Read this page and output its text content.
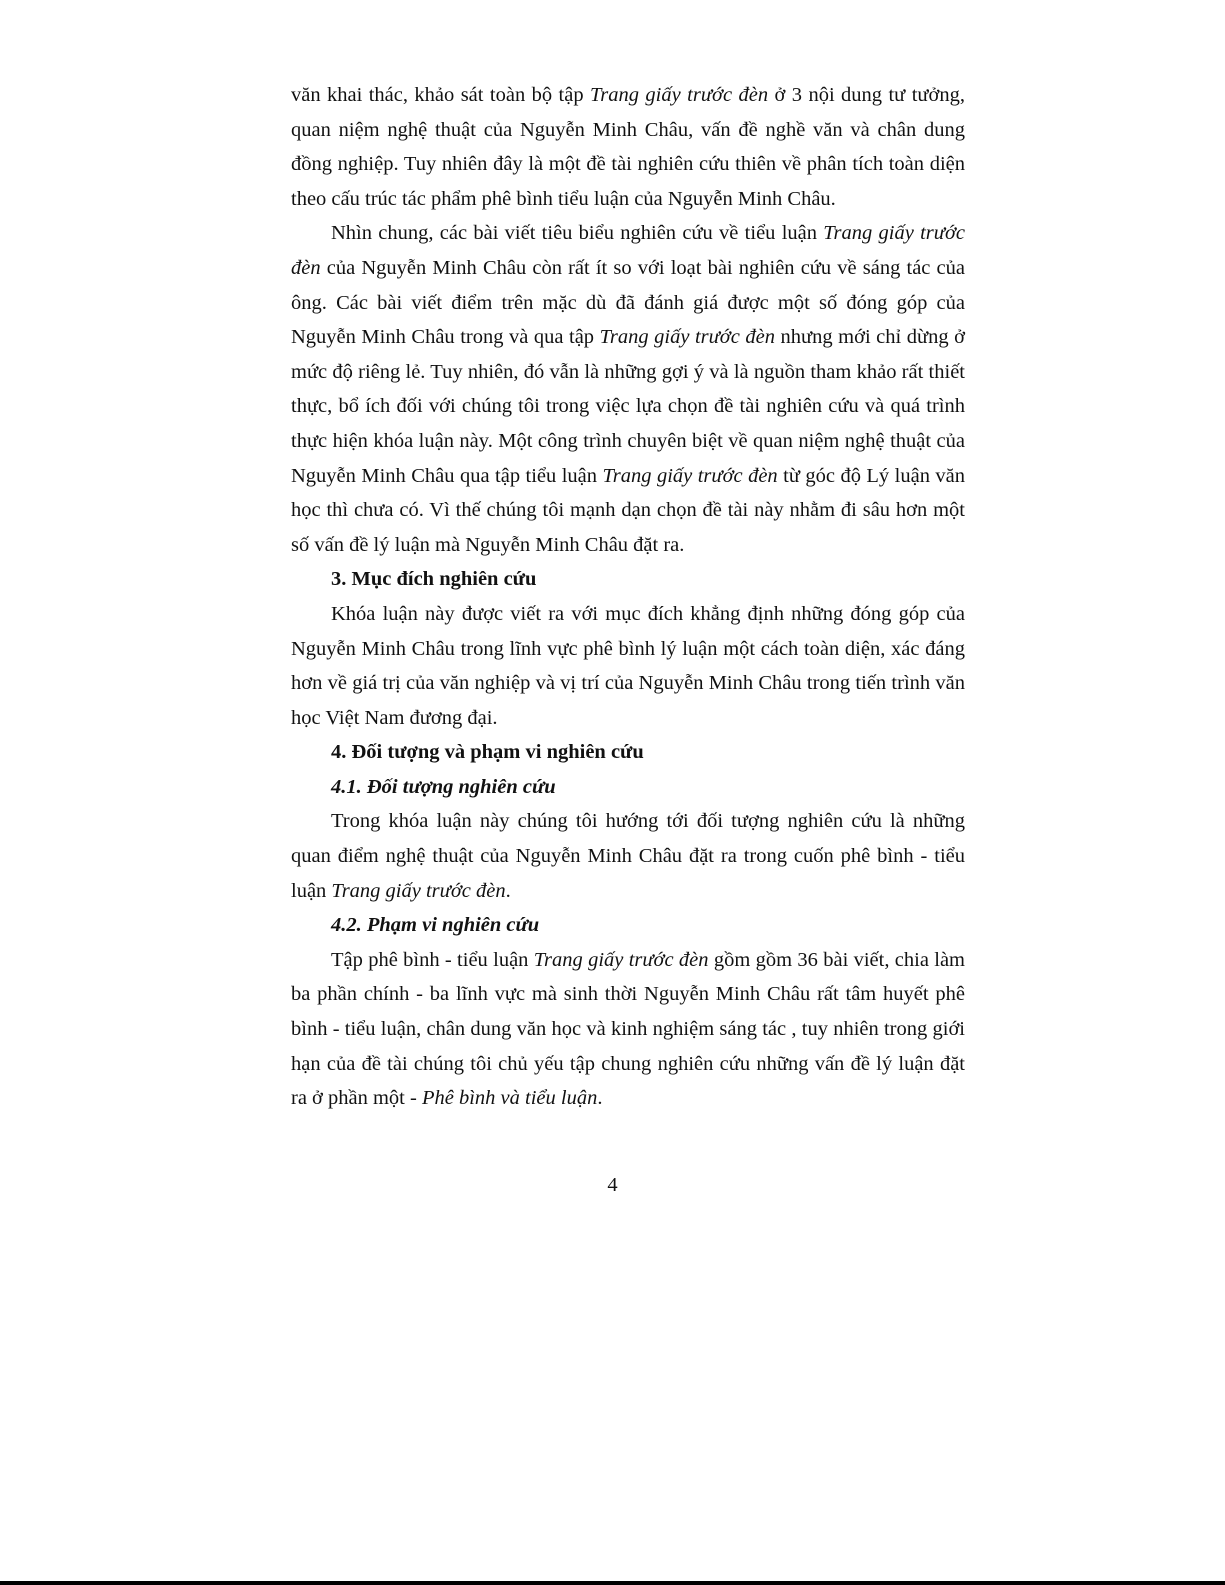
văn khai thác, khảo sát toàn bộ tập Trang giấy trước đèn ở 3 nội dung tư tưởng, quan niệm nghệ thuật của Nguyễn Minh Châu, vấn đề nghề văn và chân dung đồng nghiệp. Tuy nhiên đây là một đề tài nghiên cứu thiên về phân tích toàn diện theo cấu trúc tác phẩm phê bình tiểu luận của Nguyễn Minh Châu.

Nhìn chung, các bài viết tiêu biểu nghiên cứu về tiểu luận Trang giấy trước đèn của Nguyễn Minh Châu còn rất ít so với loạt bài nghiên cứu về sáng tác của ông. Các bài viết điểm trên mặc dù đã đánh giá được một số đóng góp của Nguyễn Minh Châu trong và qua tập Trang giấy trước đèn nhưng mới chỉ dừng ở mức độ riêng lẻ. Tuy nhiên, đó vẫn là những gợi ý và là nguồn tham khảo rất thiết thực, bổ ích đối với chúng tôi trong việc lựa chọn đề tài nghiên cứu và quá trình thực hiện khóa luận này. Một công trình chuyên biệt về quan niệm nghệ thuật của Nguyễn Minh Châu qua tập tiểu luận Trang giấy trước đèn từ góc độ Lý luận văn học thì chưa có. Vì thế chúng tôi mạnh dạn chọn đề tài này nhằm đi sâu hơn một số vấn đề lý luận mà Nguyễn Minh Châu đặt ra.

3. Mục đích nghiên cứu

Khóa luận này được viết ra với mục đích khẳng định những đóng góp của Nguyễn Minh Châu trong lĩnh vực phê bình lý luận một cách toàn diện, xác đáng hơn về giá trị của văn nghiệp và vị trí của Nguyễn Minh Châu trong tiến trình văn học Việt Nam đương đại.

4. Đối tượng và phạm vi nghiên cứu

4.1. Đối tượng nghiên cứu

Trong khóa luận này chúng tôi hướng tới đối tượng nghiên cứu là những quan điểm nghệ thuật của Nguyễn Minh Châu đặt ra trong cuốn phê bình - tiểu luận Trang giấy trước đèn.

4.2. Phạm vi nghiên cứu

Tập phê bình - tiểu luận Trang giấy trước đèn gồm gồm 36 bài viết, chia làm ba phần chính - ba lĩnh vực mà sinh thời Nguyễn Minh Châu rất tâm huyết phê bình - tiểu luận, chân dung văn học và kinh nghiệm sáng tác , tuy nhiên trong giới hạn của đề tài chúng tôi chủ yếu tập chung nghiên cứu những vấn đề lý luận đặt ra ở phần một - Phê bình và tiểu luận.

4
